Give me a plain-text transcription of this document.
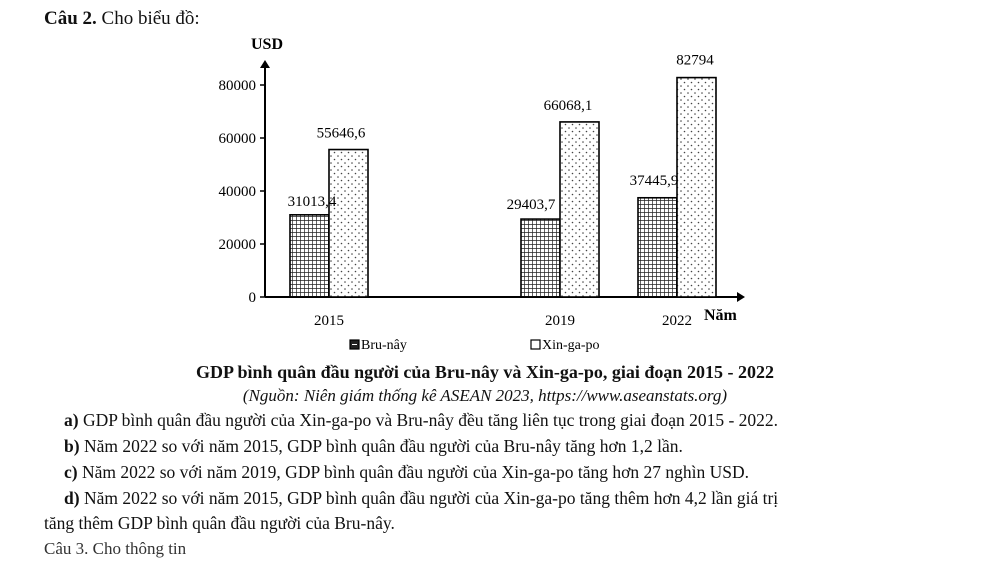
Câu 2. Cho biểu đồ:
0
20000
40000
60000
80000
USD
Năm
2015	2019	2022
31013,4	29403,7
37445,9
55646,6
66068,1
82794
Bru-nây	Xin-ga-po
GDP bình quân đầu người của Bru-nây và Xin-ga-po, giai đoạn 2015 - 2022
(Nguồn: Niên giám thống kê ASEAN 2023, https://www.aseanstats.org)
a) GDP bình quân đầu người của Xin-ga-po và Bru-nây đều tăng liên tục trong giai đoạn 2015 - 2022.
b) Năm 2022 so với năm 2015, GDP bình quân đầu người của Bru-nây tăng hơn 1,2 lần.
c) Năm 2022 so với năm 2019, GDP bình quân đầu người của Xin-ga-po tăng hơn 27 nghìn USD.
d) Năm 2022 so với năm 2015, GDP bình quân đầu người của Xin-ga-po tăng thêm hơn 4,2 lần giá trị
tăng thêm GDP bình quân đầu người của Bru-nây.
Câu 3. Cho thông tin
